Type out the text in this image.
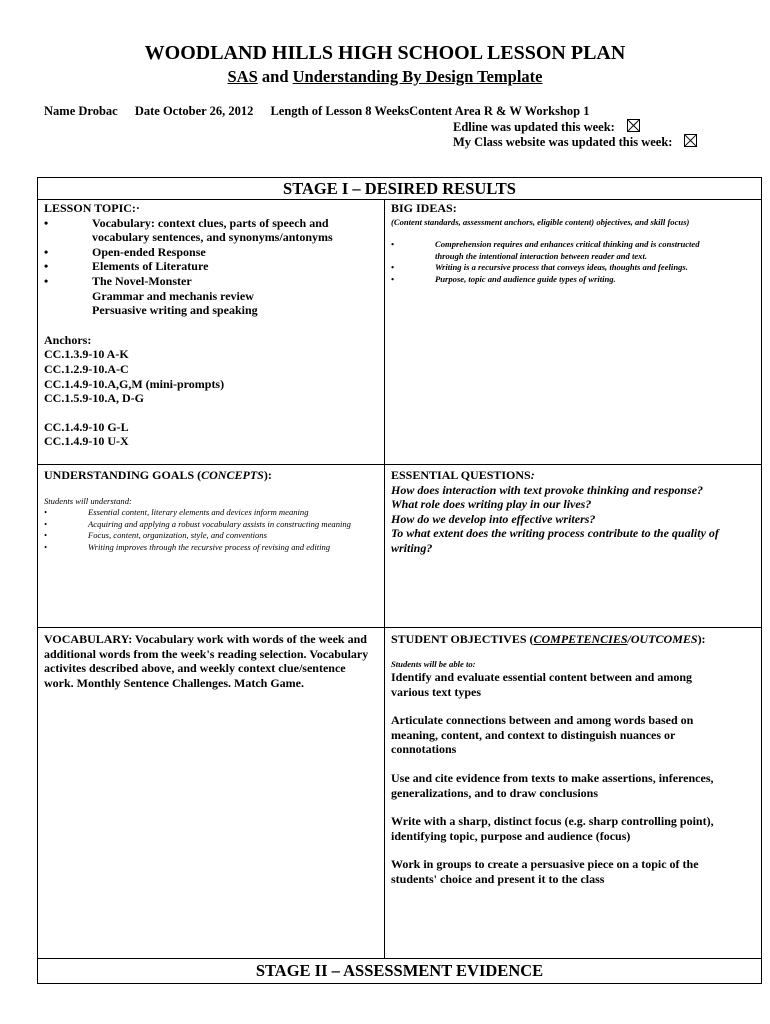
WOODLAND HILLS HIGH SCHOOL LESSON PLAN
SAS and Understanding By Design Template
Name Drobac Date October 26, 2012 Length of Lesson 8 WeeksContent Area R & W Workshop 1
Edline was updated this week:
My Class website was updated this week:
STAGE I – DESIRED RESULTS
STAGE II – ASSESSMENT EVIDENCE
LESSON TOPIC:·
•	Vocabulary: context clues, parts of speech and vocabulary sentences, and synonyms/antonyms
•	Open-ended Response
•	Elements of Literature
•	The Novel-Monster
Grammar and mechanis review
Persuasive writing and speaking
Anchors:
CC.1.3.9-10 A-K
CC.1.2.9-10.A-C
CC.1.4.9-10.A,G,M (mini-prompts)
CC.1.5.9-10.A, D-G
CC.1.4.9-10 G-L
CC.1.4.9-10 U-X
BIG IDEAS:
(Content standards, assessment anchors, eligible content) objectives, and skill focus)
•	Comprehension requires and enhances critical thinking and is constructed through the intentional interaction between reader and text.
•	Writing is a recursive process that conveys ideas, thoughts and feelings.
•	Purpose, topic and audience guide types of writing.
UNDERSTANDING GOALS (CONCEPTS):
Students will understand:
•	Essential content, literary elements and devices inform meaning
•	Acquiring and applying a robust vocabulary assists in constructing meaning
•	Focus, content, organization, style, and conventions
•	Writing improves through the recursive process of revising and editing
ESSENTIAL QUESTIONS:
How does interaction with text provoke thinking and response?
What role does writing play in our lives?
How do we develop into effective writers?
To what extent does the writing process contribute to the quality of writing?
VOCABULARY: Vocabulary work with words of the week and additional words from the week's reading selection. Vocabulary activites described above, and weekly context clue/sentence work. Monthly Sentence Challenges. Match Game.
STUDENT OBJECTIVES (COMPETENCIES/OUTCOMES):
Students will be able to:
Identify and evaluate essential content between and among various text types
Articulate connections between and among words based on meaning, content, and context to distinguish nuances or connotations
Use and cite evidence from texts to make assertions, inferences, generalizations, and to draw conclusions
Write with a sharp, distinct focus (e.g. sharp controlling point), identifying topic, purpose and audience (focus)
Work in groups to create a persuasive piece on a topic of the students' choice and present it to the class
